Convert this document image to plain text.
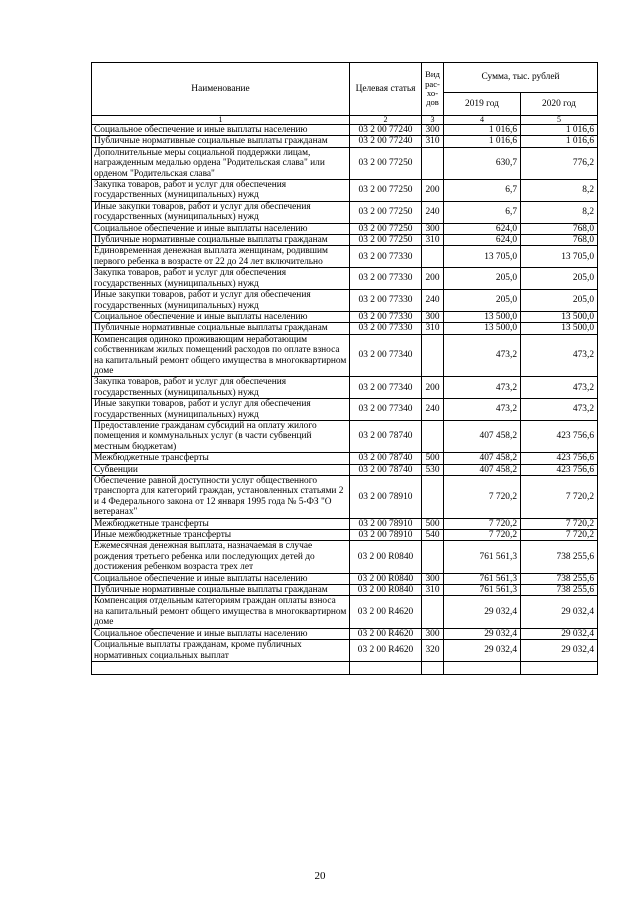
Наименование	Целевая статья	Вид рас-хо-дов	Сумма, тыс. рублей	
			2019 год	2020 год
1	2	3	4	5
Социальное обеспечение и иные выплаты населению	03 2 00 77240	300	1 016,6	1 016,6
Публичные нормативные социальные выплаты гражданам	03 2 00 77240	310	1 016,6	1 016,6
Дополнительные меры социальной поддержки лицам, награжденным медалью ордена "Родительская слава" или орденом "Родительская слава"	03 2 00 77250		630,7	776,2
Закупка товаров, работ и услуг для обеспечения государственных (муниципальных) нужд	03 2 00 77250	200	6,7	8,2
Иные закупки товаров, работ и услуг для обеспечения государственных (муниципальных) нужд	03 2 00 77250	240	6,7	8,2
Социальное обеспечение и иные выплаты населению	03 2 00 77250	300	624,0	768,0
Публичные нормативные социальные выплаты гражданам	03 2 00 77250	310	624,0	768,0
Единовременная денежная выплата женщинам, родившим первого ребенка в возрасте от 22 до 24 лет включительно	03 2 00 77330		13 705,0	13 705,0
Закупка товаров, работ и услуг для обеспечения государственных (муниципальных) нужд	03 2 00 77330	200	205,0	205,0
Иные закупки товаров, работ и услуг для обеспечения государственных (муниципальных) нужд	03 2 00 77330	240	205,0	205,0
Социальное обеспечение и иные выплаты населению	03 2 00 77330	300	13 500,0	13 500,0
Публичные нормативные социальные выплаты гражданам	03 2 00 77330	310	13 500,0	13 500,0
Компенсация одиноко проживающим неработающим собственникам жилых помещений расходов по оплате взноса на капитальный ремонт общего имущества в многоквартирном доме	03 2 00 77340		473,2	473,2
Закупка товаров, работ и услуг для обеспечения государственных (муниципальных) нужд	03 2 00 77340	200	473,2	473,2
Иные закупки товаров, работ и услуг для обеспечения государственных (муниципальных) нужд	03 2 00 77340	240	473,2	473,2
Предоставление гражданам субсидий на оплату жилого помещения и коммунальных услуг (в части субвенций местным бюджетам)	03 2 00 78740		407 458,2	423 756,6
Межбюджетные трансферты	03 2 00 78740	500	407 458,2	423 756,6
Субвенции	03 2 00 78740	530	407 458,2	423 756,6
Обеспечение равной доступности услуг общественного транспорта для категорий граждан, установленных статьями 2 и 4 Федерального закона от 12 января 1995 года № 5-ФЗ "О ветеранах"	03 2 00 78910		7 720,2	7 720,2
Межбюджетные трансферты	03 2 00 78910	500	7 720,2	7 720,2
Иные межбюджетные трансферты	03 2 00 78910	540	7 720,2	7 720,2
Ежемесячная денежная выплата, назначаемая в случае рождения третьего ребенка или последующих детей до достижения ребенком возраста трех лет	03 2 00 R0840		761 561,3	738 255,6
Социальное обеспечение и иные выплаты населению	03 2 00 R0840	300	761 561,3	738 255,6
Публичные нормативные социальные выплаты гражданам	03 2 00 R0840	310	761 561,3	738 255,6
Компенсация отдельным категориям граждан оплаты взноса на капитальный ремонт общего имущества в многоквартирном доме	03 2 00 R4620		29 032,4	29 032,4
Социальное обеспечение и иные выплаты населению	03 2 00 R4620	300	29 032,4	29 032,4
Социальные выплаты гражданам, кроме публичных нормативных социальных выплат	03 2 00 R4620	320	29 032,4	29 032,4

20
